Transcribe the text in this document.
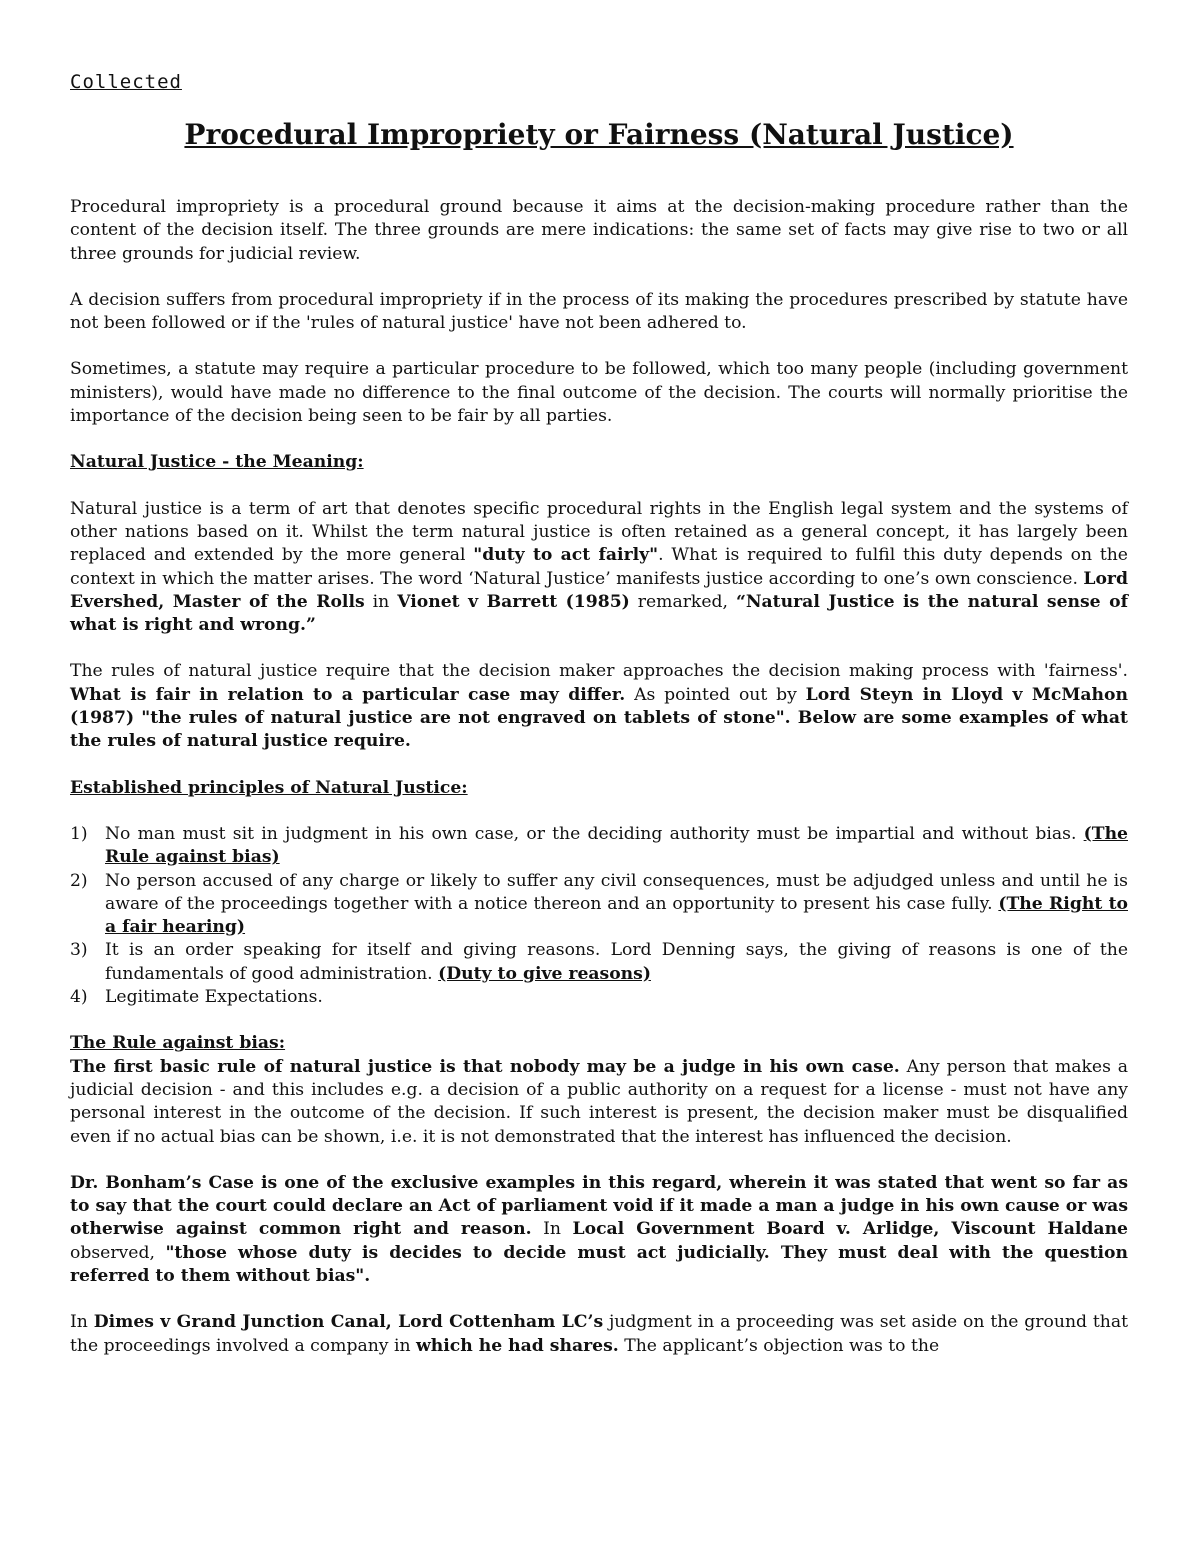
Collected
Procedural Impropriety or Fairness (Natural Justice)

Procedural impropriety is a procedural ground because it aims at the decision-making procedure rather than the content of the decision itself. The three grounds are mere indications: the same set of facts may give rise to two or all three grounds for judicial review.

A decision suffers from procedural impropriety if in the process of its making the procedures prescribed by statute have not been followed or if the 'rules of natural justice' have not been adhered to.

Sometimes, a statute may require a particular procedure to be followed, which too many people (including government ministers), would have made no difference to the final outcome of the decision. The courts will normally prioritise the importance of the decision being seen to be fair by all parties.

Natural Justice - the Meaning:

Natural justice is a term of art that denotes specific procedural rights in the English legal system and the systems of other nations based on it. Whilst the term natural justice is often retained as a general concept, it has largely been replaced and extended by the more general "duty to act fairly". What is required to fulfil this duty depends on the context in which the matter arises. The word ‘Natural Justice’ manifests justice according to one’s own conscience. Lord Evershed, Master of the Rolls in Vionet v Barrett (1985) remarked, “Natural Justice is the natural sense of what is right and wrong.”

The rules of natural justice require that the decision maker approaches the decision making process with 'fairness'. What is fair in relation to a particular case may differ. As pointed out by Lord Steyn in Lloyd v McMahon (1987) "the rules of natural justice are not engraved on tablets of stone". Below are some examples of what the rules of natural justice require.

Established principles of Natural Justice:
1) No man must sit in judgment in his own case, or the deciding authority must be impartial and without bias. (The Rule against bias)
2) No person accused of any charge or likely to suffer any civil consequences, must be adjudged unless and until he is aware of the proceedings together with a notice thereon and an opportunity to present his case fully. (The Right to a fair hearing)
3) It is an order speaking for itself and giving reasons. Lord Denning says, the giving of reasons is one of the fundamentals of good administration. (Duty to give reasons)
4) Legitimate Expectations.
The Rule against bias:

The first basic rule of natural justice is that nobody may be a judge in his own case. Any person that makes a judicial decision - and this includes e.g. a decision of a public authority on a request for a license - must not have any personal interest in the outcome of the decision. If such interest is present, the decision maker must be disqualified even if no actual bias can be shown, i.e. it is not demonstrated that the interest has influenced the decision.

Dr. Bonham’s Case is one of the exclusive examples in this regard, wherein it was stated that went so far as to say that the court could declare an Act of parliament void if it made a man a judge in his own cause or was otherwise against common right and reason. In Local Government Board v. Arlidge, Viscount Haldane observed, "those whose duty is decides to decide must act judicially. They must deal with the question referred to them without bias".

In Dimes v Grand Junction Canal, Lord Cottenham LC’s judgment in a proceeding was set aside on the ground that the proceedings involved a company in which he had shares. The applicant’s objection was to the
